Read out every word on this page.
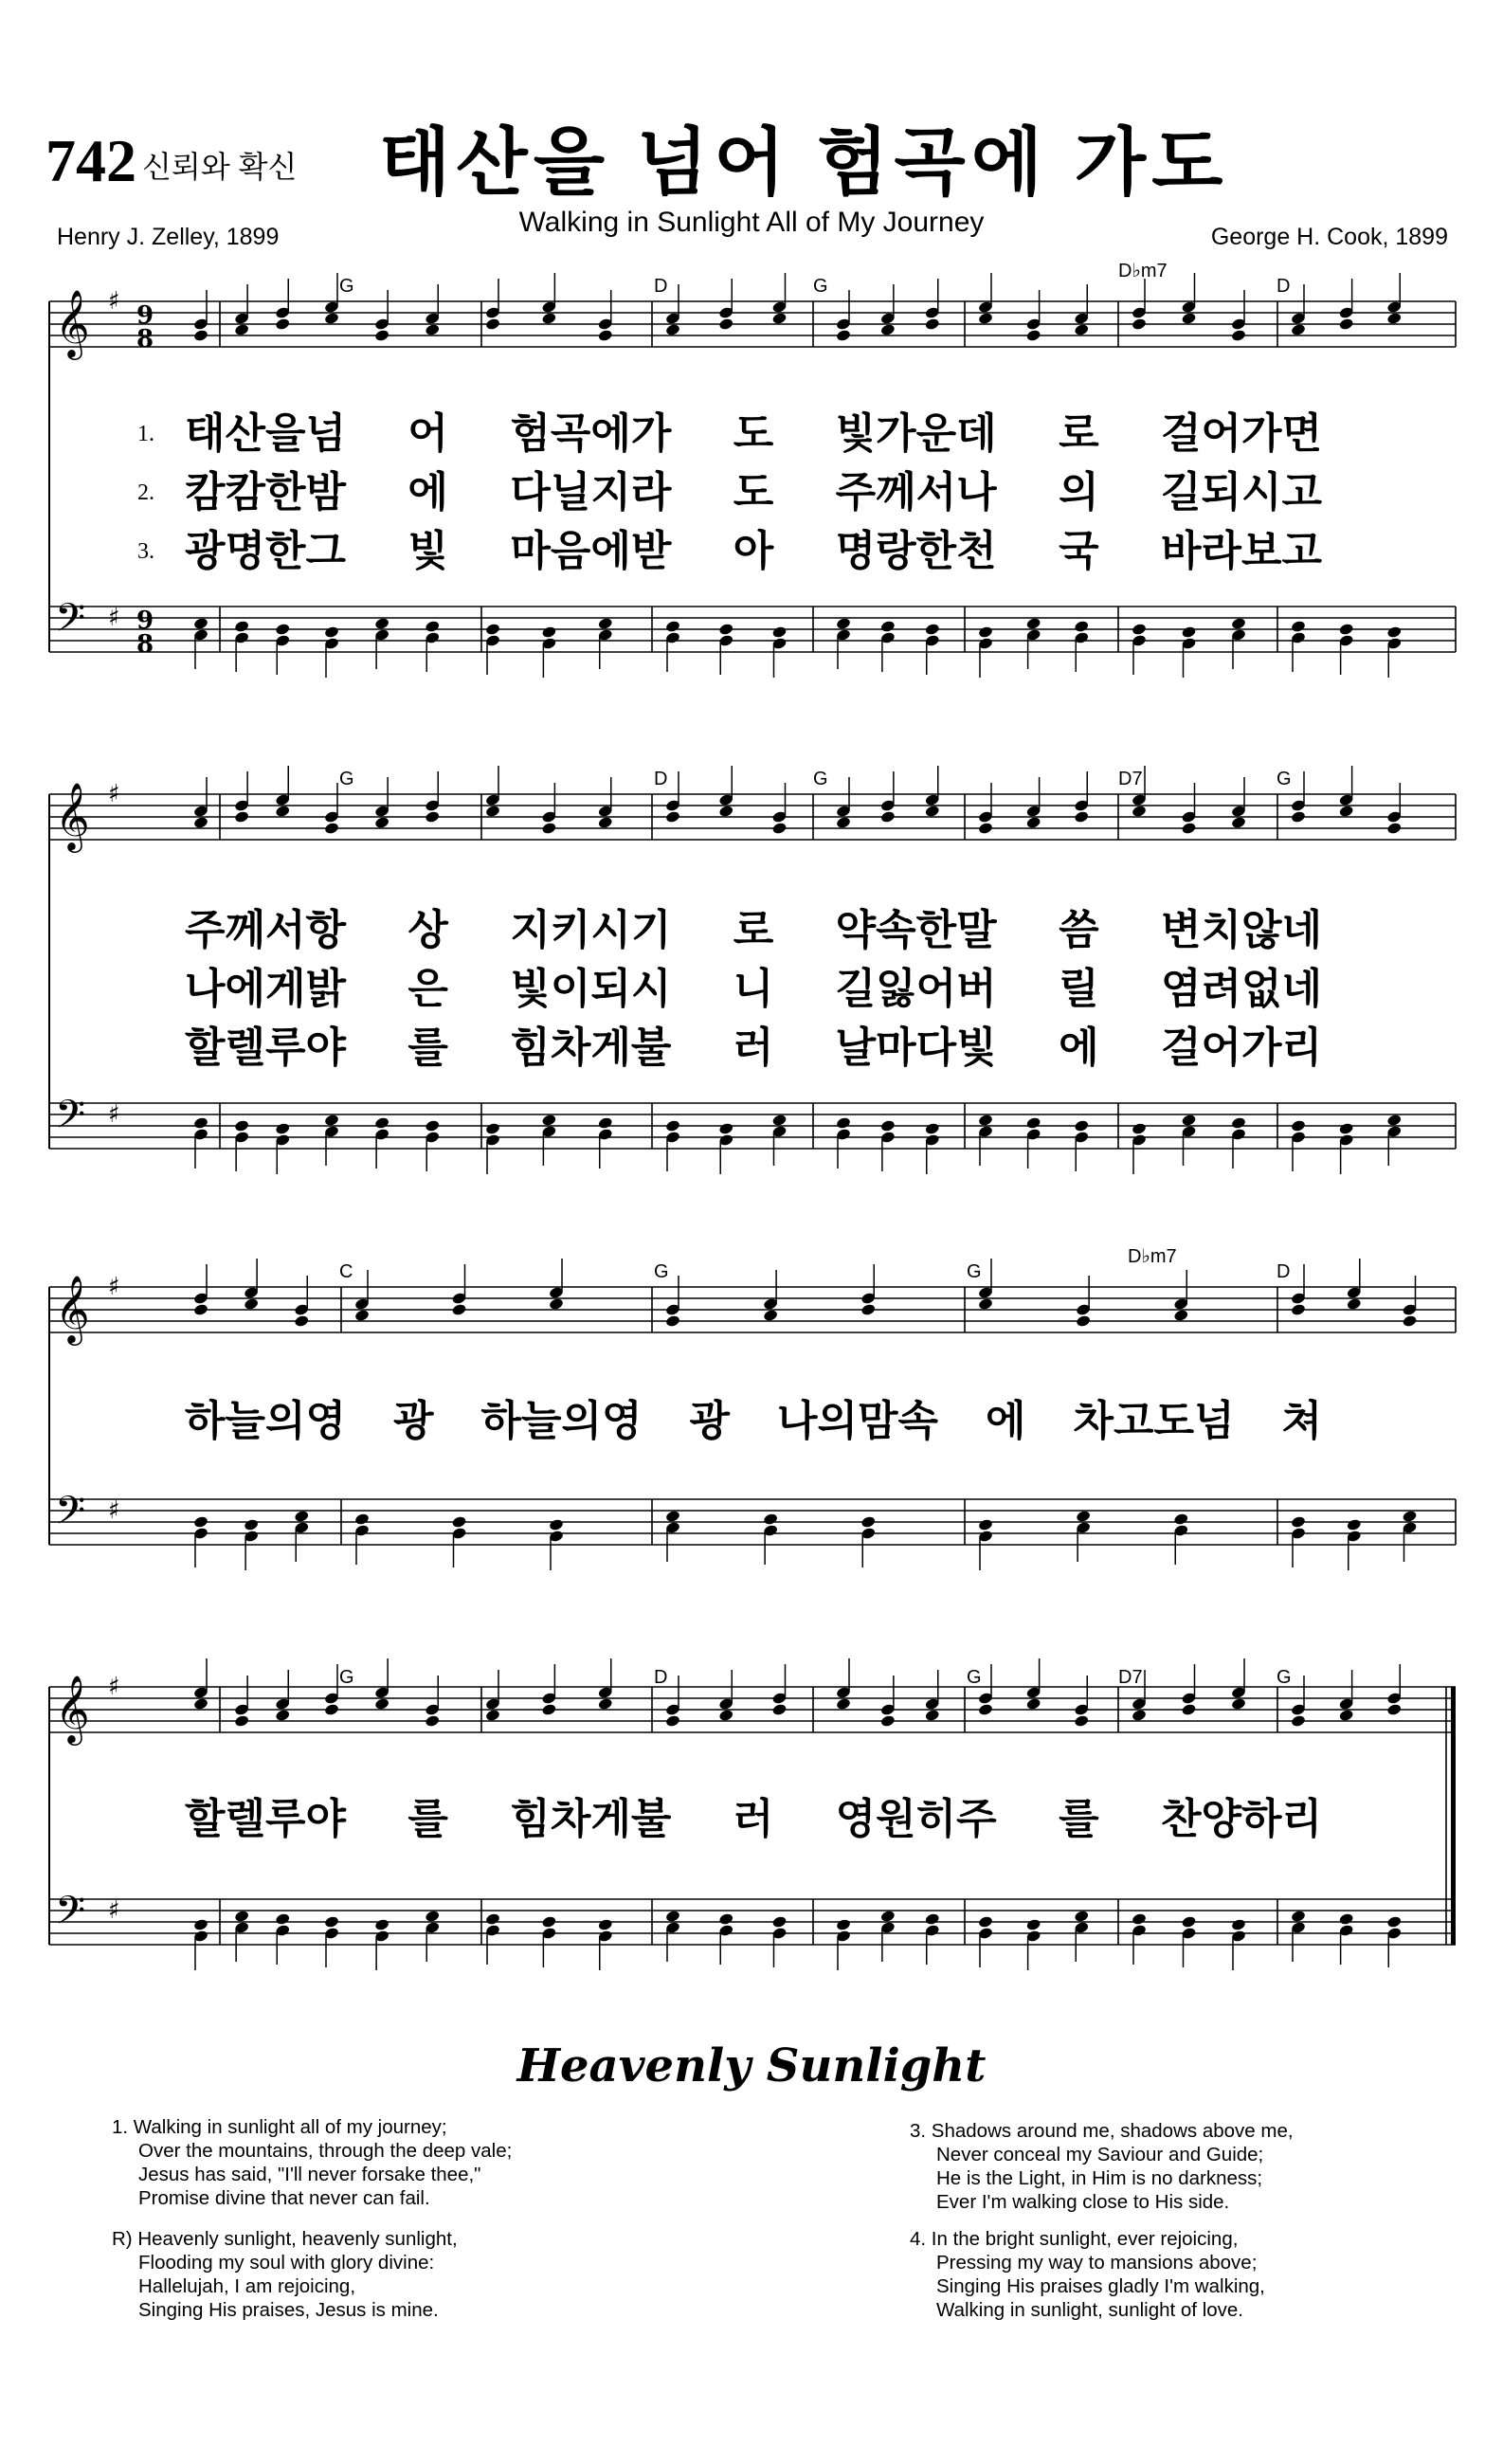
742 신뢰와 확신 태산을 넘어 험곡에 가도
Walking in Sunlight All of My Journey
Henry J. Zelley, 1899	George H. Cook, 1899
𝄞 ♯ 9
8
𝄢 ♯ 9
8
𝄞 ♯
𝄢 ♯
𝄞 ♯
𝄢 ♯
𝄞 ♯
𝄢 ♯
G	D	G
D♭m7
D
G	D	G	D7	G
C	G	G
D♭m7
D
G	D	G	D7	G
1. 태산을넘 어 험곡에가 도 빛가운데 로 걸어가면
2. 캄캄한밤 에 다닐지라 도 주께서나 의 길되시고
3. 광명한그 빛 마음에받 아 명랑한천 국 바라보고
주께서항 상 지키시기 로 약속한말 씀 변치않네
나에게밝 은 빛이되시 니 길잃어버 릴 염려없네
할렐루야 를 힘차게불 러 날마다빛 에 걸어가리
하늘의영 광 하늘의영 광 나의맘속 에 차고도넘 쳐
할렐루야 를 힘차게불 러 영원히주 를 찬양하리
Heavenly Sunlight
1. Walking in sunlight all of my journey;
Over the mountains, through the deep vale;
Jesus has said, "I'll never forsake thee,"
Promise divine that never can fail.
R) Heavenly sunlight, heavenly sunlight,
Flooding my soul with glory divine:
Hallelujah, I am rejoicing,
Singing His praises, Jesus is mine.
3. Shadows around me, shadows above me,
Never conceal my Saviour and Guide;
He is the Light, in Him is no darkness;
Ever I'm walking close to His side.
4. In the bright sunlight, ever rejoicing,
Pressing my way to mansions above;
Singing His praises gladly I'm walking,
Walking in sunlight, sunlight of love.
